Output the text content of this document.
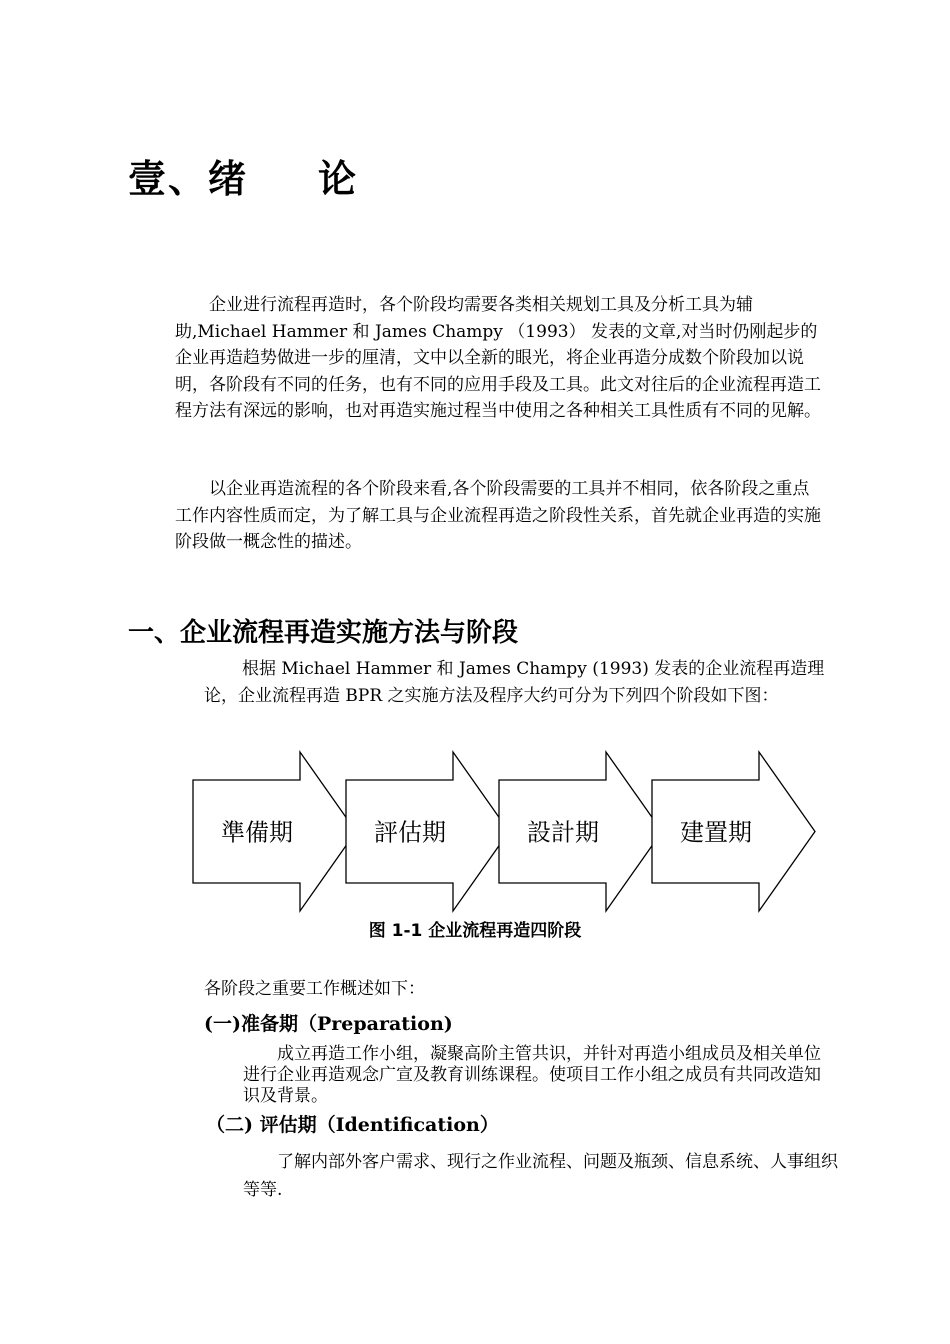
壹、绪 论

企业进行流程再造时，各个阶段均需要各类相关规划工具及分析工具为辅助,Michael Hammer 和 James Champy （1993） 发表的文章,对当时仍刚起步的企业再造趋势做进一步的厘清，文中以全新的眼光，将企业再造分成数个阶段加以说明，各阶段有不同的任务，也有不同的应用手段及工具。此文对往后的企业流程再造工程方法有深远的影响，也对再造实施过程当中使用之各种相关工具性质有不同的见解。

以企业再造流程的各个阶段来看,各个阶段需要的工具并不相同，依各阶段之重点工作内容性质而定，为了解工具与企业流程再造之阶段性关系，首先就企业再造的实施阶段做一概念性的描述。

一、企业流程再造实施方法与阶段
根据 Michael Hammer 和 James Champy (1993) 发表的企业流程再造理
论，企业流程再造 BPR 之实施方法及程序大约可分为下列四个阶段如下图：
準備期	評估期	設計期	建置期

图 1-1 企业流程再造四阶段

各阶段之重要工作概述如下：

(一)准备期（Preparation)

成立再造工作小组，凝聚高阶主管共识，并针对再造小组成员及相关单位进行企业再造观念广宣及教育训练课程。使项目工作小组之成员有共同改造知识及背景。

（二) 评估期（Identification）

了解内部外客户需求、现行之作业流程、问题及瓶颈、信息系统、人事组织等等.
